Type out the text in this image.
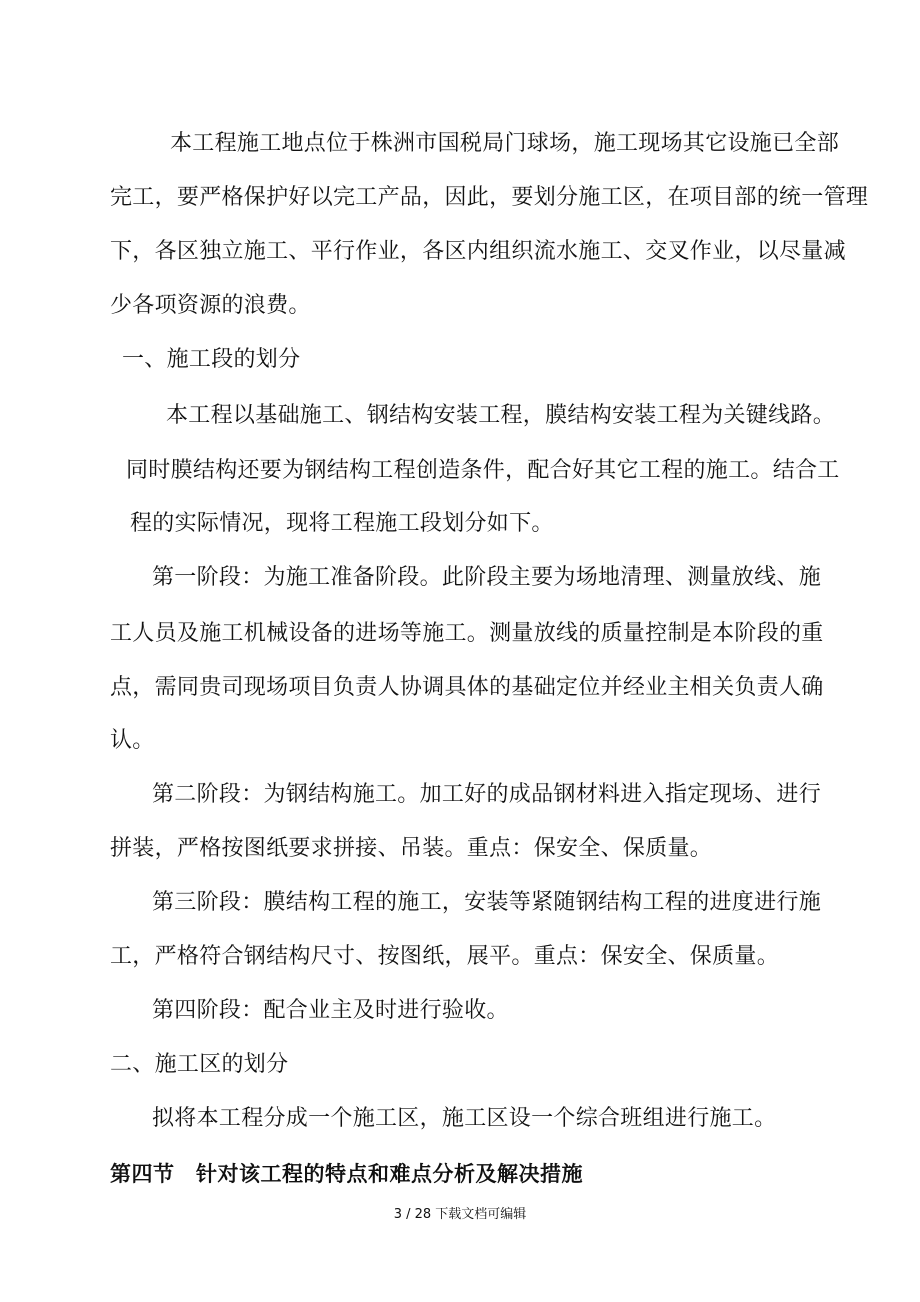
本工程施工地点位于株洲市国税局门球场，施工现场其它设施已全部
完工，要严格保护好以完工产品，因此，要划分施工区，在项目部的统一管理
下，各区独立施工、平行作业，各区内组织流水施工、交叉作业，以尽量减
少各项资源的浪费。
一、施工段的划分
本工程以基础施工、钢结构安装工程，膜结构安装工程为关键线路。
同时膜结构还要为钢结构工程创造条件，配合好其它工程的施工。结合工
程的实际情况，现将工程施工段划分如下。
第一阶段：为施工准备阶段。此阶段主要为场地清理、测量放线、施
工人员及施工机械设备的进场等施工。测量放线的质量控制是本阶段的重
点，需同贵司现场项目负责人协调具体的基础定位并经业主相关负责人确
认。
第二阶段：为钢结构施工。加工好的成品钢材料进入指定现场、进行
拼装，严格按图纸要求拼接、吊装。重点：保安全、保质量。
第三阶段：膜结构工程的施工，安装等紧随钢结构工程的进度进行施
工，严格符合钢结构尺寸、按图纸，展平。重点：保安全、保质量。
第四阶段：配合业主及时进行验收。
二、施工区的划分
拟将本工程分成一个施工区，施工区设一个综合班组进行施工。
第四节　针对该工程的特点和难点分析及解决措施
3 / 28 下载文档可编辑
